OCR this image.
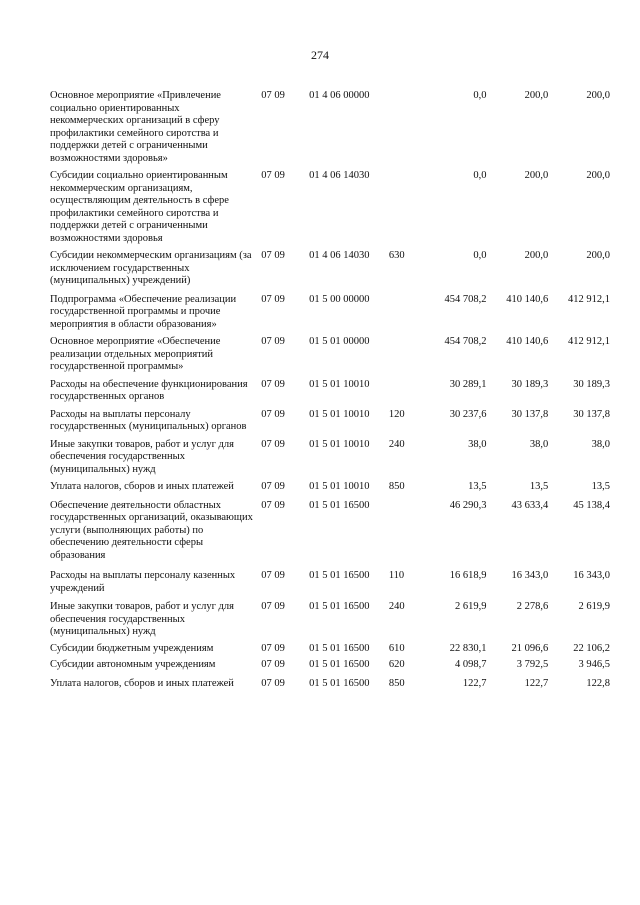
274
Основное мероприятие «Привлечение социально ориентированных некоммерческих организаций в сферу профилактики семейного сиротства и поддержки детей с ограниченными возможностями здоровья»
07 09	01 4 06 00000	0,0	200,0	200,0
Субсидии социально ориентированным некоммерческим организациям, осуществляющим деятельность в сфере профилактики семейного сиротства и поддержки детей с ограниченными возможностями здоровья
07 09	01 4 06 14030	0,0	200,0	200,0
Субсидии некоммерческим организациям (за исключением государственных (муниципальных) учреждений)
07 09	01 4 06 14030	630	0,0	200,0	200,0
Подпрограмма «Обеспечение реализации государственной программы и прочие мероприятия в области образования»
07 09	01 5 00 00000	454 708,2	410 140,6	412 912,1
Основное мероприятие «Обеспечение реализации отдельных мероприятий государственной программы»
07 09	01 5 01 00000	454 708,2	410 140,6	412 912,1
Расходы на обеспечение функционирования государственных органов
07 09	01 5 01 10010	30 289,1	30 189,3	30 189,3
Расходы на выплаты персоналу государственных (муниципальных) органов
07 09	01 5 01 10010	120	30 237,6	30 137,8	30 137,8
Иные закупки товаров, работ и услуг для обеспечения государственных (муниципальных) нужд
07 09	01 5 01 10010	240	38,0	38,0	38,0
Уплата налогов, сборов и иных платежей	07 09	01 5 01 10010	850	13,5	13,5	13,5
Обеспечение деятельности областных государственных организаций, оказывающих услуги (выполняющих работы) по обеспечению деятельности сферы образования
07 09	01 5 01 16500	46 290,3	43 633,4	45 138,4
Расходы на выплаты персоналу казенных учреждений
07 09	01 5 01 16500	110	16 618,9	16 343,0	16 343,0
Иные закупки товаров, работ и услуг для обеспечения государственных (муниципальных) нужд
07 09	01 5 01 16500	240	2 619,9	2 278,6	2 619,9
Субсидии бюджетным учреждениям	07 09	01 5 01 16500	610	22 830,1	21 096,6	22 106,2
Субсидии автономным учреждениям	07 09	01 5 01 16500	620	4 098,7	3 792,5	3 946,5
Уплата налогов, сборов и иных платежей	07 09	01 5 01 16500	850	122,7	122,7	122,8
